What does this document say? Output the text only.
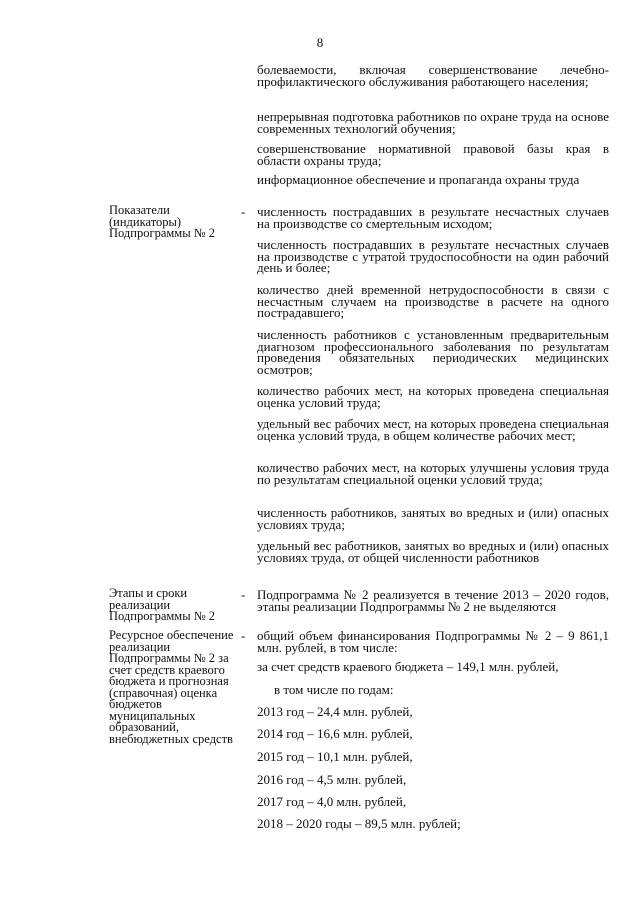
8
болеваемости, включая совершенствование лечебно-профилактического обслуживания работающего населения;
непрерывная подготовка работников по охране труда на основе современных технологий обучения;
совершенствование нормативной правовой базы края в области охраны труда;
информационное обеспечение и пропаганда охраны труда
Показатели (индикаторы) Подпрограммы № 2
- численность пострадавших в результате несчастных случаев на производстве со смертельным исходом;
численность пострадавших в результате несчастных случаев на производстве с утратой трудоспособности на один рабочий день и более;
количество дней временной нетрудоспособности в связи с несчастным случаем на производстве в расчете на одного пострадавшего;
численность работников с установленным предварительным диагнозом профессионального заболевания по результатам проведения обязательных периодических медицинских осмотров;
количество рабочих мест, на которых проведена специальная оценка условий труда;
удельный вес рабочих мест, на которых проведена специальная оценка условий труда, в общем количестве рабочих мест;
количество рабочих мест, на которых улучшены условия труда по результатам специальной оценки условий труда;
численность работников, занятых во вредных и (или) опасных условиях труда;
удельный вес работников, занятых во вредных и (или) опасных условиях труда, от общей численности работников
Этапы и сроки реализации Подпрограммы № 2
- Подпрограмма № 2 реализуется в течение 2013 – 2020 годов, этапы реализации Подпрограммы № 2 не выделяются
Ресурсное обеспечение реализации Подпрограммы № 2 за счет средств краевого бюджета и прогнозная (справочная) оценка бюджетов муниципальных образований, внебюджетных средств
- общий объем финансирования Подпрограммы № 2 – 9 861,1 млн. рублей, в том числе:
за счет средств краевого бюджета – 149,1 млн. рублей,
в том числе по годам:
2013 год – 24,4 млн. рублей,
2014 год – 16,6 млн. рублей,
2015 год – 10,1 млн. рублей,
2016 год – 4,5 млн. рублей,
2017 год – 4,0 млн. рублей,
2018 – 2020 годы – 89,5 млн. рублей;
